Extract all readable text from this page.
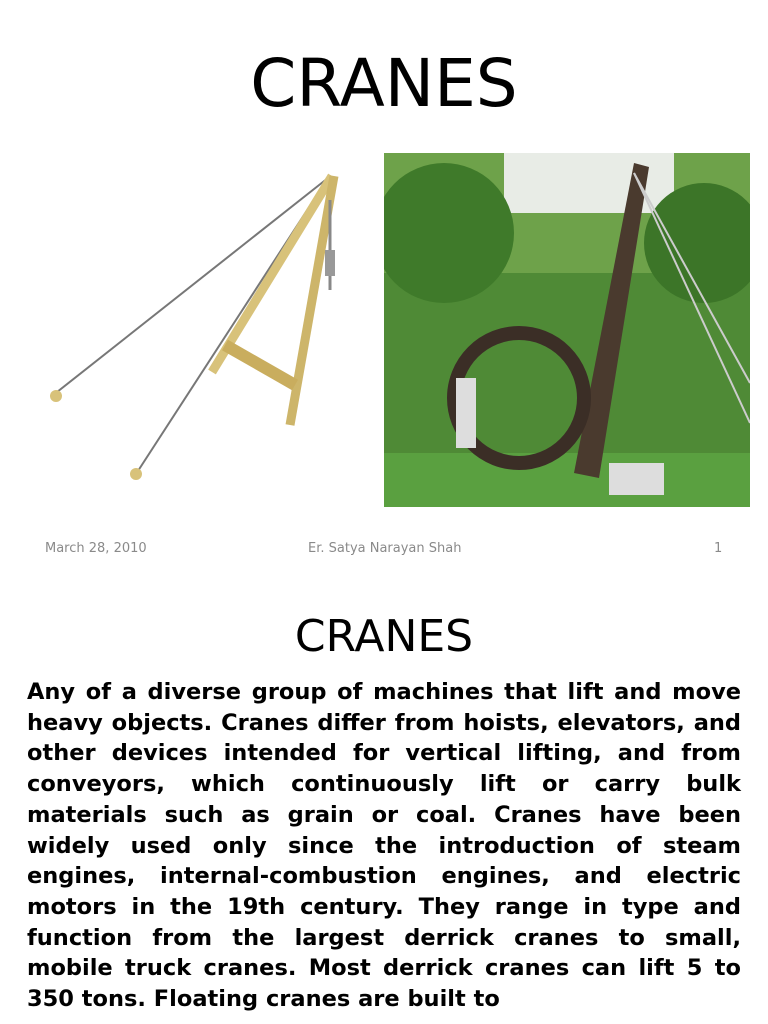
CRANES
March 28, 2010	Er. Satya Narayan Shah	1
CRANES

Any of a diverse group of machines that lift and move heavy objects. Cranes differ from hoists, elevators, and other devices intended for vertical lifting, and from conveyors, which continuously lift or carry bulk materials such as grain or coal. Cranes have been widely used only since the introduction of steam engines, internal-combustion engines, and electric motors in the 19th century. They range in type and function from the largest derrick cranes to small, mobile truck cranes. Most derrick cranes can lift 5 to 350 tons. Floating cranes are built to
